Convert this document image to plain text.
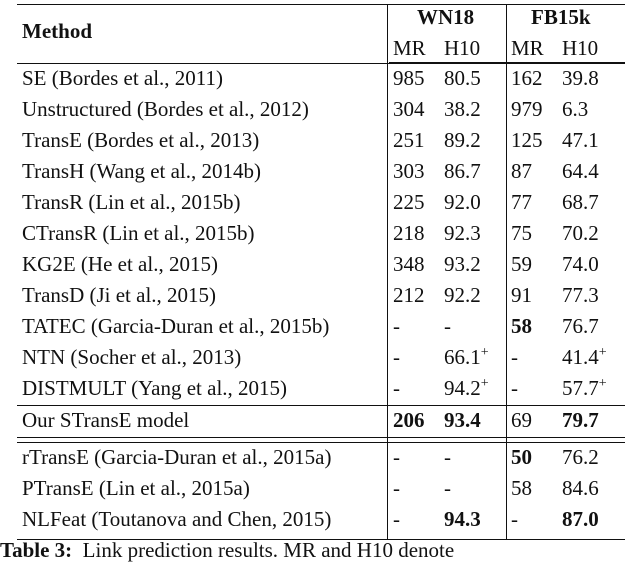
Method
WN18	FB15k
MR H10 MR H10
SE (Bordes et al., 2011)	985 80.5 162 39.8
Unstructured (Bordes et al., 2012)	304 38.2 979 6.3
TransE (Bordes et al., 2013)	251 89.2 125 47.1
TransH (Wang et al., 2014b)	303 86.7 87 64.4
TransR (Lin et al., 2015b)	225 92.0 77 68.7
CTransR (Lin et al., 2015b)	218 92.3 75 70.2
KG2E (He et al., 2015)	348 93.2 59 74.0
TransD (Ji et al., 2015)	212 92.2 91 77.3
TATEC (Garcia-Duran et al., 2015b)	- -	58 76.7
NTN (Socher et al., 2013)	- 66.1+ - 41.4+
DISTMULT (Yang et al., 2015)	- 94.2+ - 57.7+
Our STransE model	206 93.4 69 79.7
rTransE (Garcia-Duran et al., 2015a)	- -	50 76.2
PTransE (Lin et al., 2015a)	- -	58 84.6
NLFeat (Toutanova and Chen, 2015)	- 94.3 - 87.0
Table 3: Link prediction results. MR and H10 denote
